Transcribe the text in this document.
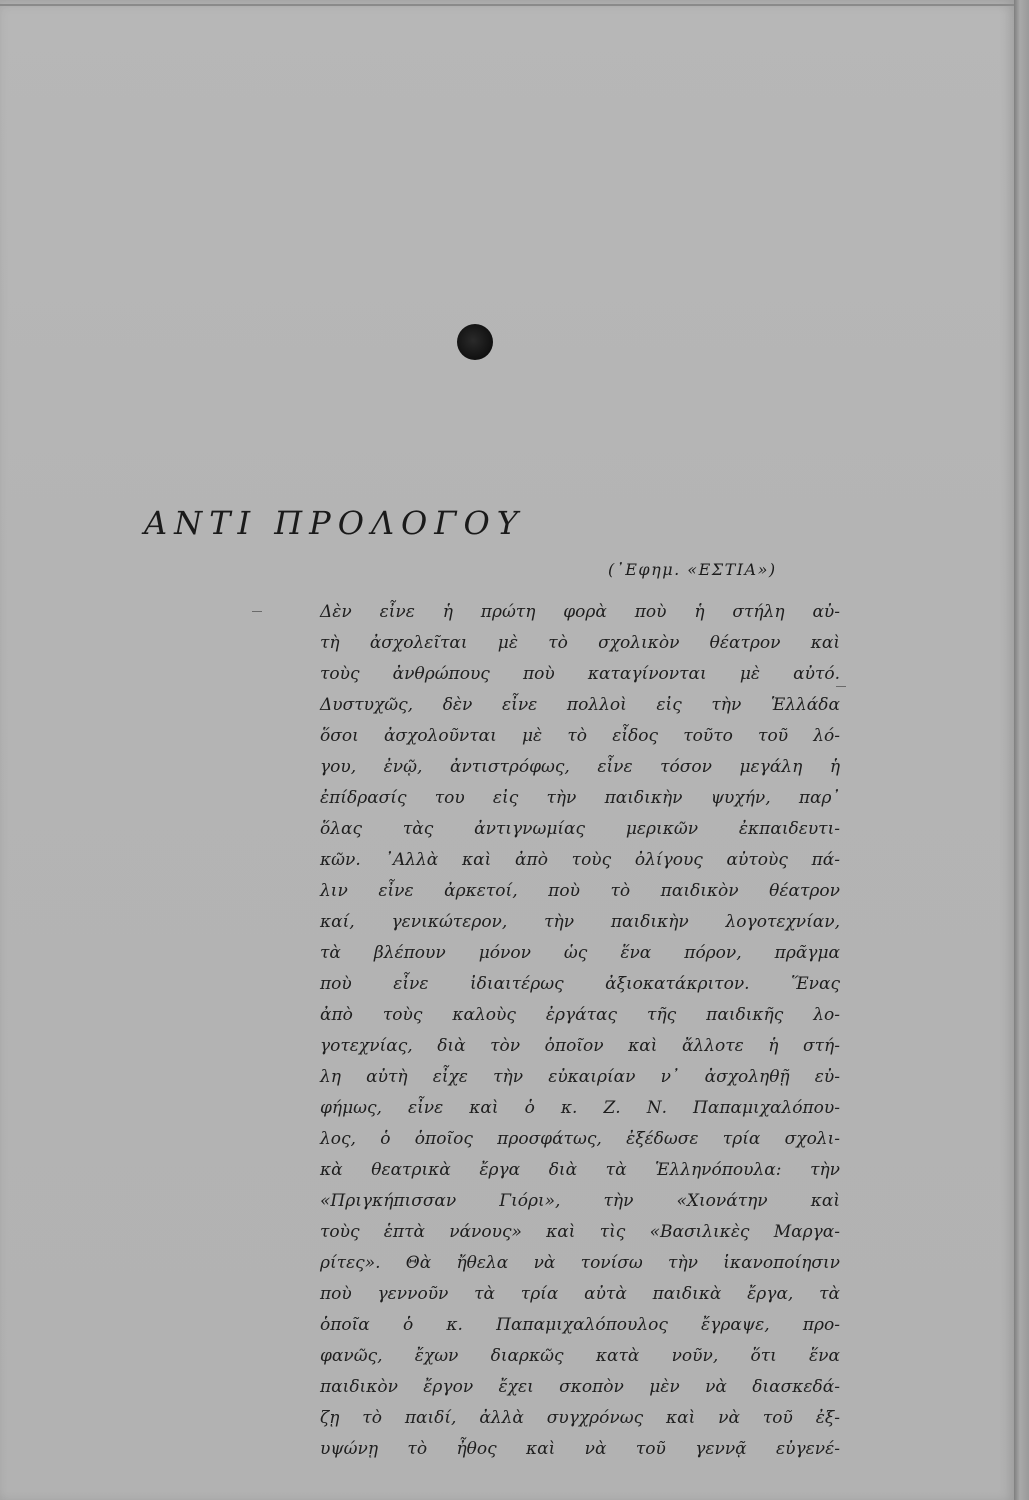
ΑΝΤΙ ΠΡΟΛΟΓΟΥ
(᾿Εφημ. «ΕΣΤΙΑ»)
Δὲν εἶνε ἡ πρώτη φορὰ ποὺ ἡ στήλη αὐ-
τὴ ἀσχολεῖται μὲ τὸ σχολικὸν θέατρον καὶ
τοὺς ἀνθρώπους ποὺ καταγίνονται μὲ αὐτό.
Δυστυχῶς, δὲν εἶνε πολλοὶ εἰς τὴν Ἑλλάδα
ὅσοι ἀσχολοῦνται μὲ τὸ εἶδος τοῦτο τοῦ λό-
γου, ἐνῷ, ἀντιστρόφως, εἶνε τόσον μεγάλη ἡ
ἐπίδρασίς του εἰς τὴν παιδικὴν ψυχήν, παρ᾿
ὅλας τὰς ἀντιγνωμίας μερικῶν ἐκπαιδευτι-
κῶν. ᾿Αλλὰ καὶ ἀπὸ τοὺς ὀλίγους αὐτοὺς πά-
λιν εἶνε ἀρκετοί, ποὺ τὸ παιδικὸν θέατρον
καί, γενικώτερον, τὴν παιδικὴν λογοτεχνίαν,
τὰ βλέπουν μόνον ὡς ἕνα πόρον, πρᾶγμα
ποὺ εἶνε ἰδιαιτέρως ἀξιοκατάκριτον. Ἕνας
ἀπὸ τοὺς καλοὺς ἐργάτας τῆς παιδικῆς λο-
γοτεχνίας, διὰ τὸν ὁποῖον καὶ ἄλλοτε ἡ στή-
λη αὐτὴ εἶχε τὴν εὐκαιρίαν ν᾿ ἀσχοληθῇ εὐ-
φήμως, εἶνε καὶ ὁ κ. Ζ. Ν. Παπαμιχαλόπου-
λος, ὁ ὁποῖος προσφάτως, ἐξέδωσε τρία σχολι-
κὰ θεατρικὰ ἔργα διὰ τὰ Ἑλληνόπουλα: τὴν
«Πριγκήπισσαν Γιόρι», τὴν «Χιονάτην καὶ
τοὺς ἑπτὰ νάνους» καὶ τὶς «Βασιλικὲς Μαργα-
ρίτες». Θὰ ἤθελα νὰ τονίσω τὴν ἱκανοποίησιν
ποὺ γεννοῦν τὰ τρία αὐτὰ παιδικὰ ἔργα, τὰ
ὁποῖα ὁ κ. Παπαμιχαλόπουλος ἔγραψε, προ-
φανῶς, ἔχων διαρκῶς κατὰ νοῦν, ὅτι ἕνα
παιδικὸν ἔργον ἔχει σκοπὸν μὲν νὰ διασκεδά-
ζῃ τὸ παιδί, ἀλλὰ συγχρόνως καὶ νὰ τοῦ ἐξ-
υψώνῃ τὸ ἦθος καὶ νὰ τοῦ γεννᾷ εὐγενέ-
